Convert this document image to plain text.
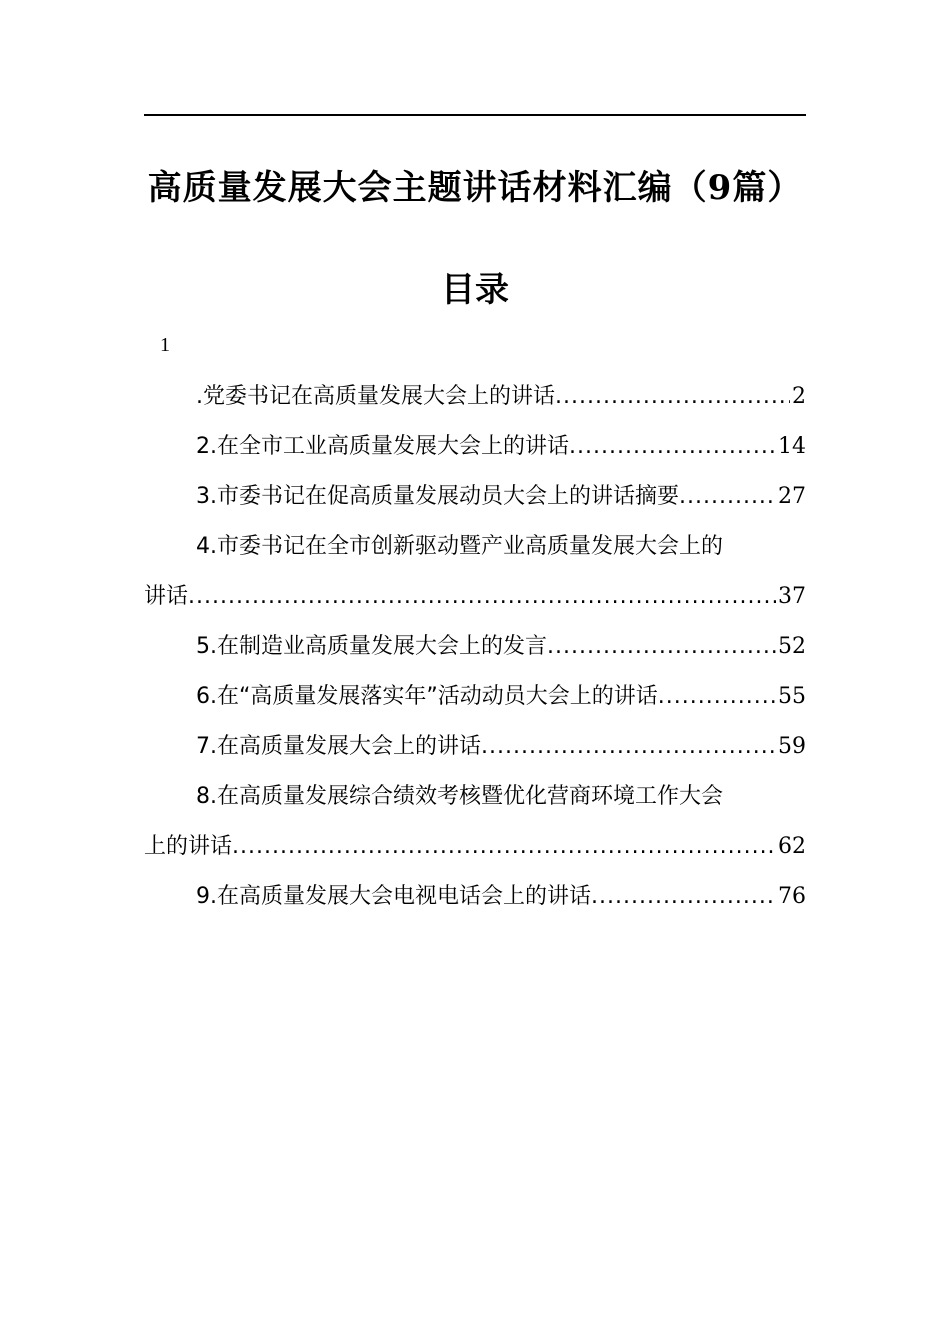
高质量发展大会主题讲话材料汇编（9篇）
目录
1
.党委书记在高质量发展大会上的讲话 .....	2
2.在全市工业高质量发展大会上的讲话 .....	14
3.市委书记在促高质量发展动员大会上的讲话摘要 .....	27
4.市委书记在全市创新驱动暨产业高质量发展大会上的
讲话 .....	37
5.在制造业高质量发展大会上的发言 .....	52
6.在“高质量发展落实年”活动动员大会上的讲话 .....	55
7.在高质量发展大会上的讲话 .....	59
8.在高质量发展综合绩效考核暨优化营商环境工作大会
上的讲话 .....	62
9.在高质量发展大会电视电话会上的讲话 .....	76
